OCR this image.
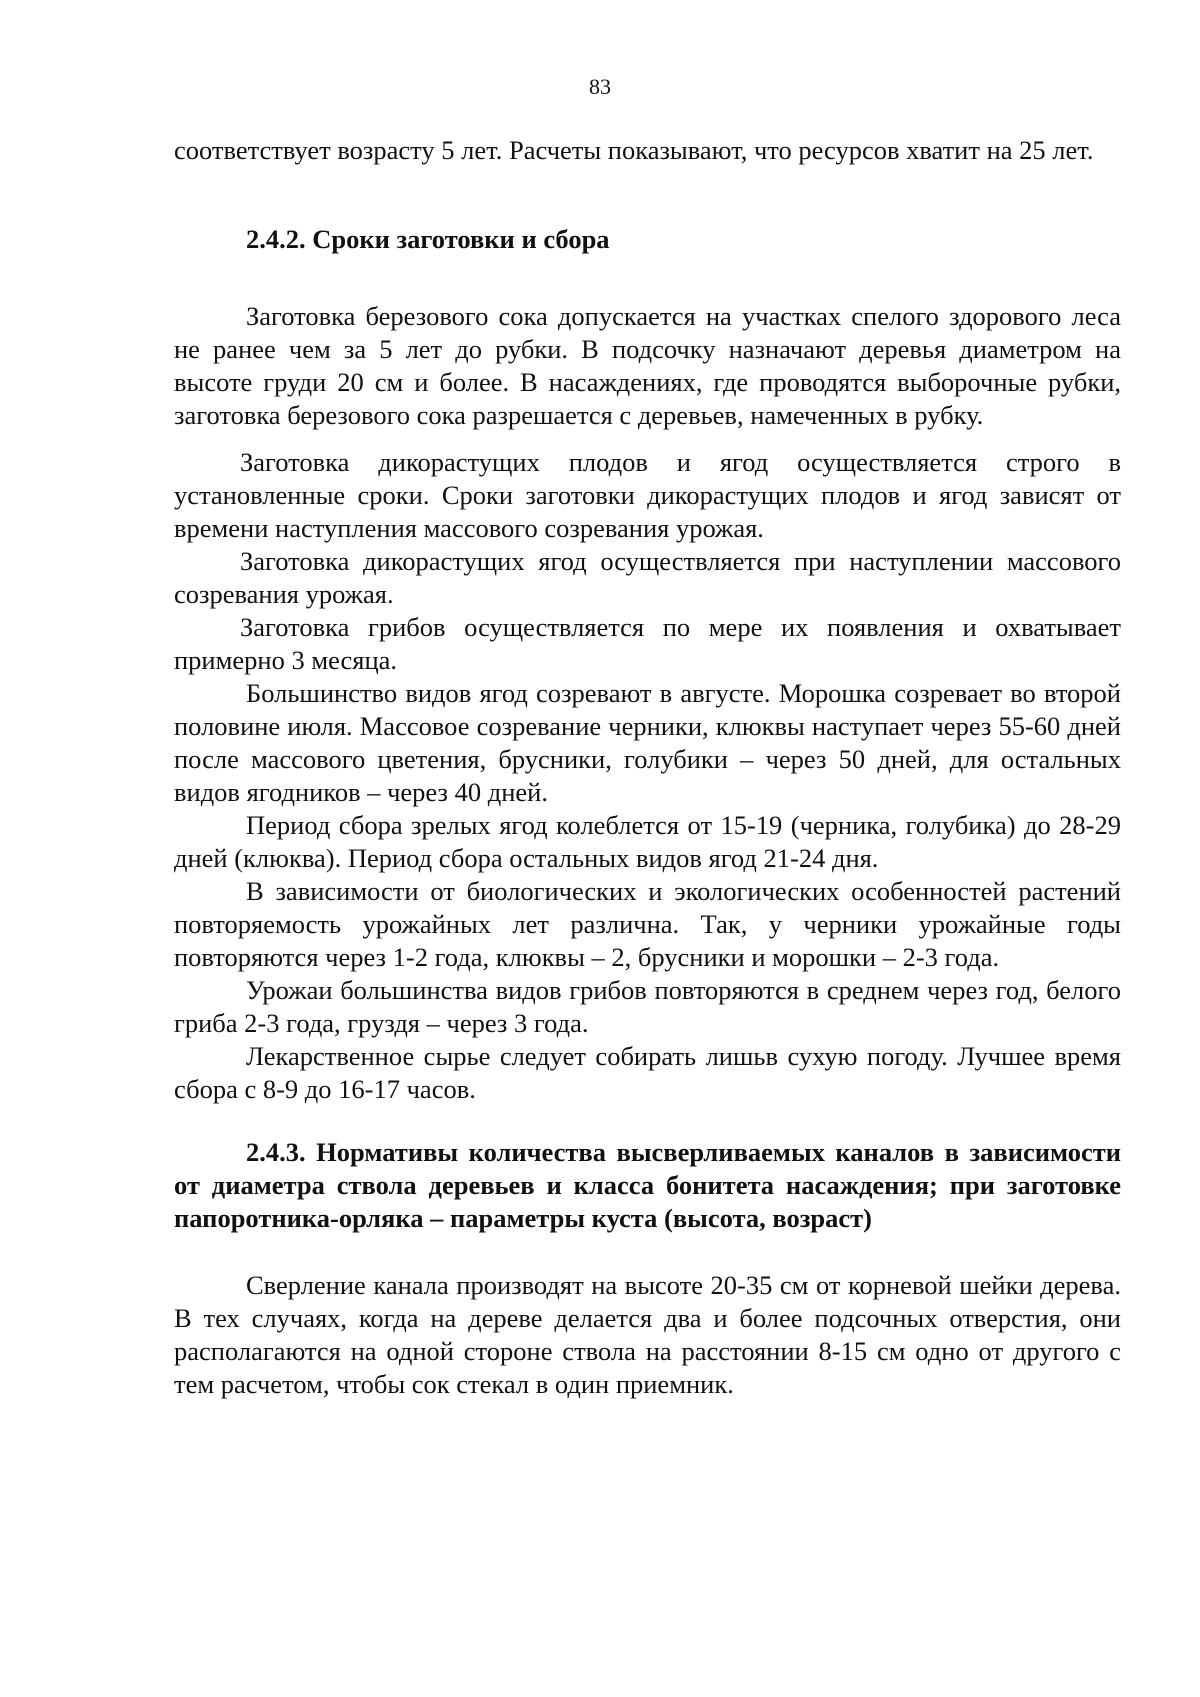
83

соответствует возрасту 5 лет. Расчеты показывают, что ресурсов хватит на 25 лет.

2.4.2. Сроки заготовки и сбора

Заготовка березового сока допускается на участках спелого здорового леса не ранее чем за 5 лет до рубки. В подсочку назначают деревья диаметром на высоте груди 20 см и более. В насаждениях, где проводятся выборочные рубки, заготовка березового сока разрешается с деревьев, намеченных в рубку.

Заготовка дикорастущих плодов и ягод осуществляется строго в установленные сроки. Сроки заготовки дикорастущих плодов и ягод зависят от времени наступления массового созревания урожая.

Заготовка дикорастущих ягод осуществляется при наступлении массового созревания урожая.

Заготовка грибов осуществляется по мере их появления и охватывает примерно 3 месяца.

Большинство видов ягод созревают в августе. Морошка созревает во второй половине июля. Массовое созревание черники, клюквы наступает через 55-60 дней после массового цветения, брусники, голубики – через 50 дней, для остальных видов ягодников – через 40 дней.

Период сбора зрелых ягод колеблется от 15-19 (черника, голубика) до 28-29 дней (клюква). Период сбора остальных видов ягод 21-24 дня.

В зависимости от биологических и экологических особенностей растений повторяемость урожайных лет различна. Так, у черники урожайные годы повторяются через 1-2 года, клюквы – 2, брусники и морошки – 2-3 года.

Урожаи большинства видов грибов повторяются в среднем через год, белого гриба 2-3 года, груздя – через 3 года.

Лекарственное сырье следует собирать лишьв сухую погоду. Лучшее время сбора с 8-9 до 16-17 часов.

2.4.3. Нормативы количества высверливаемых каналов в зависимости от диаметра ствола деревьев и класса бонитета насаждения; при заготовке папоротника-орляка – параметры куста (высота, возраст)

Сверление канала производят на высоте 20-35 см от корневой шейки дерева. В тех случаях, когда на дереве делается два и более подсочных отверстия, они располагаются на одной стороне ствола на расстоянии 8-15 см одно от другого с тем расчетом, чтобы сок стекал в один приемник.
